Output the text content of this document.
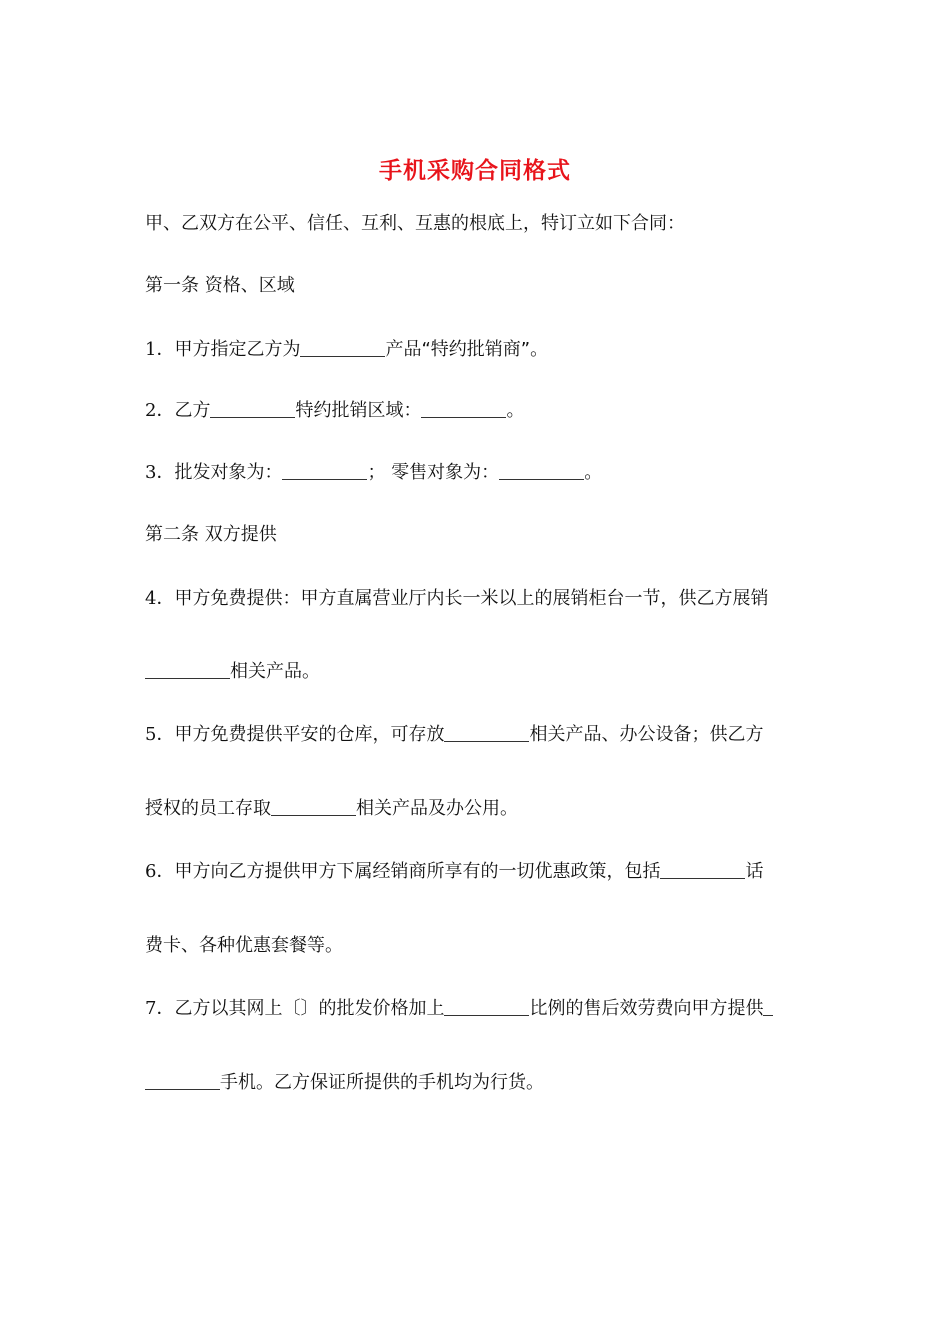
手机采购合同格式
甲、乙双方在公平、信任、互利、互惠的根底上，特订立如下合同：
第一条 资格、区域
1．甲方指定乙方为	产品“特约批销商”。
2．乙方	特约批销区域：	。
3．批发对象为：	； 零售对象为：	。
第二条 双方提供
4．甲方免费提供：甲方直属营业厅内长一米以上的展销柜台一节，供乙方展销
相关产品。
5．甲方免费提供平安的仓库，可存放	相关产品、办公设备；供乙方
授权的员工存取	相关产品及办公用。
6．甲方向乙方提供甲方下属经销商所享有的一切优惠政策，包括	话
费卡、各种优惠套餐等。
7．乙方以其网上〔〕的批发价格加上	比例的售后效劳费向甲方提供
手机。乙方保证所提供的手机均为行货。
